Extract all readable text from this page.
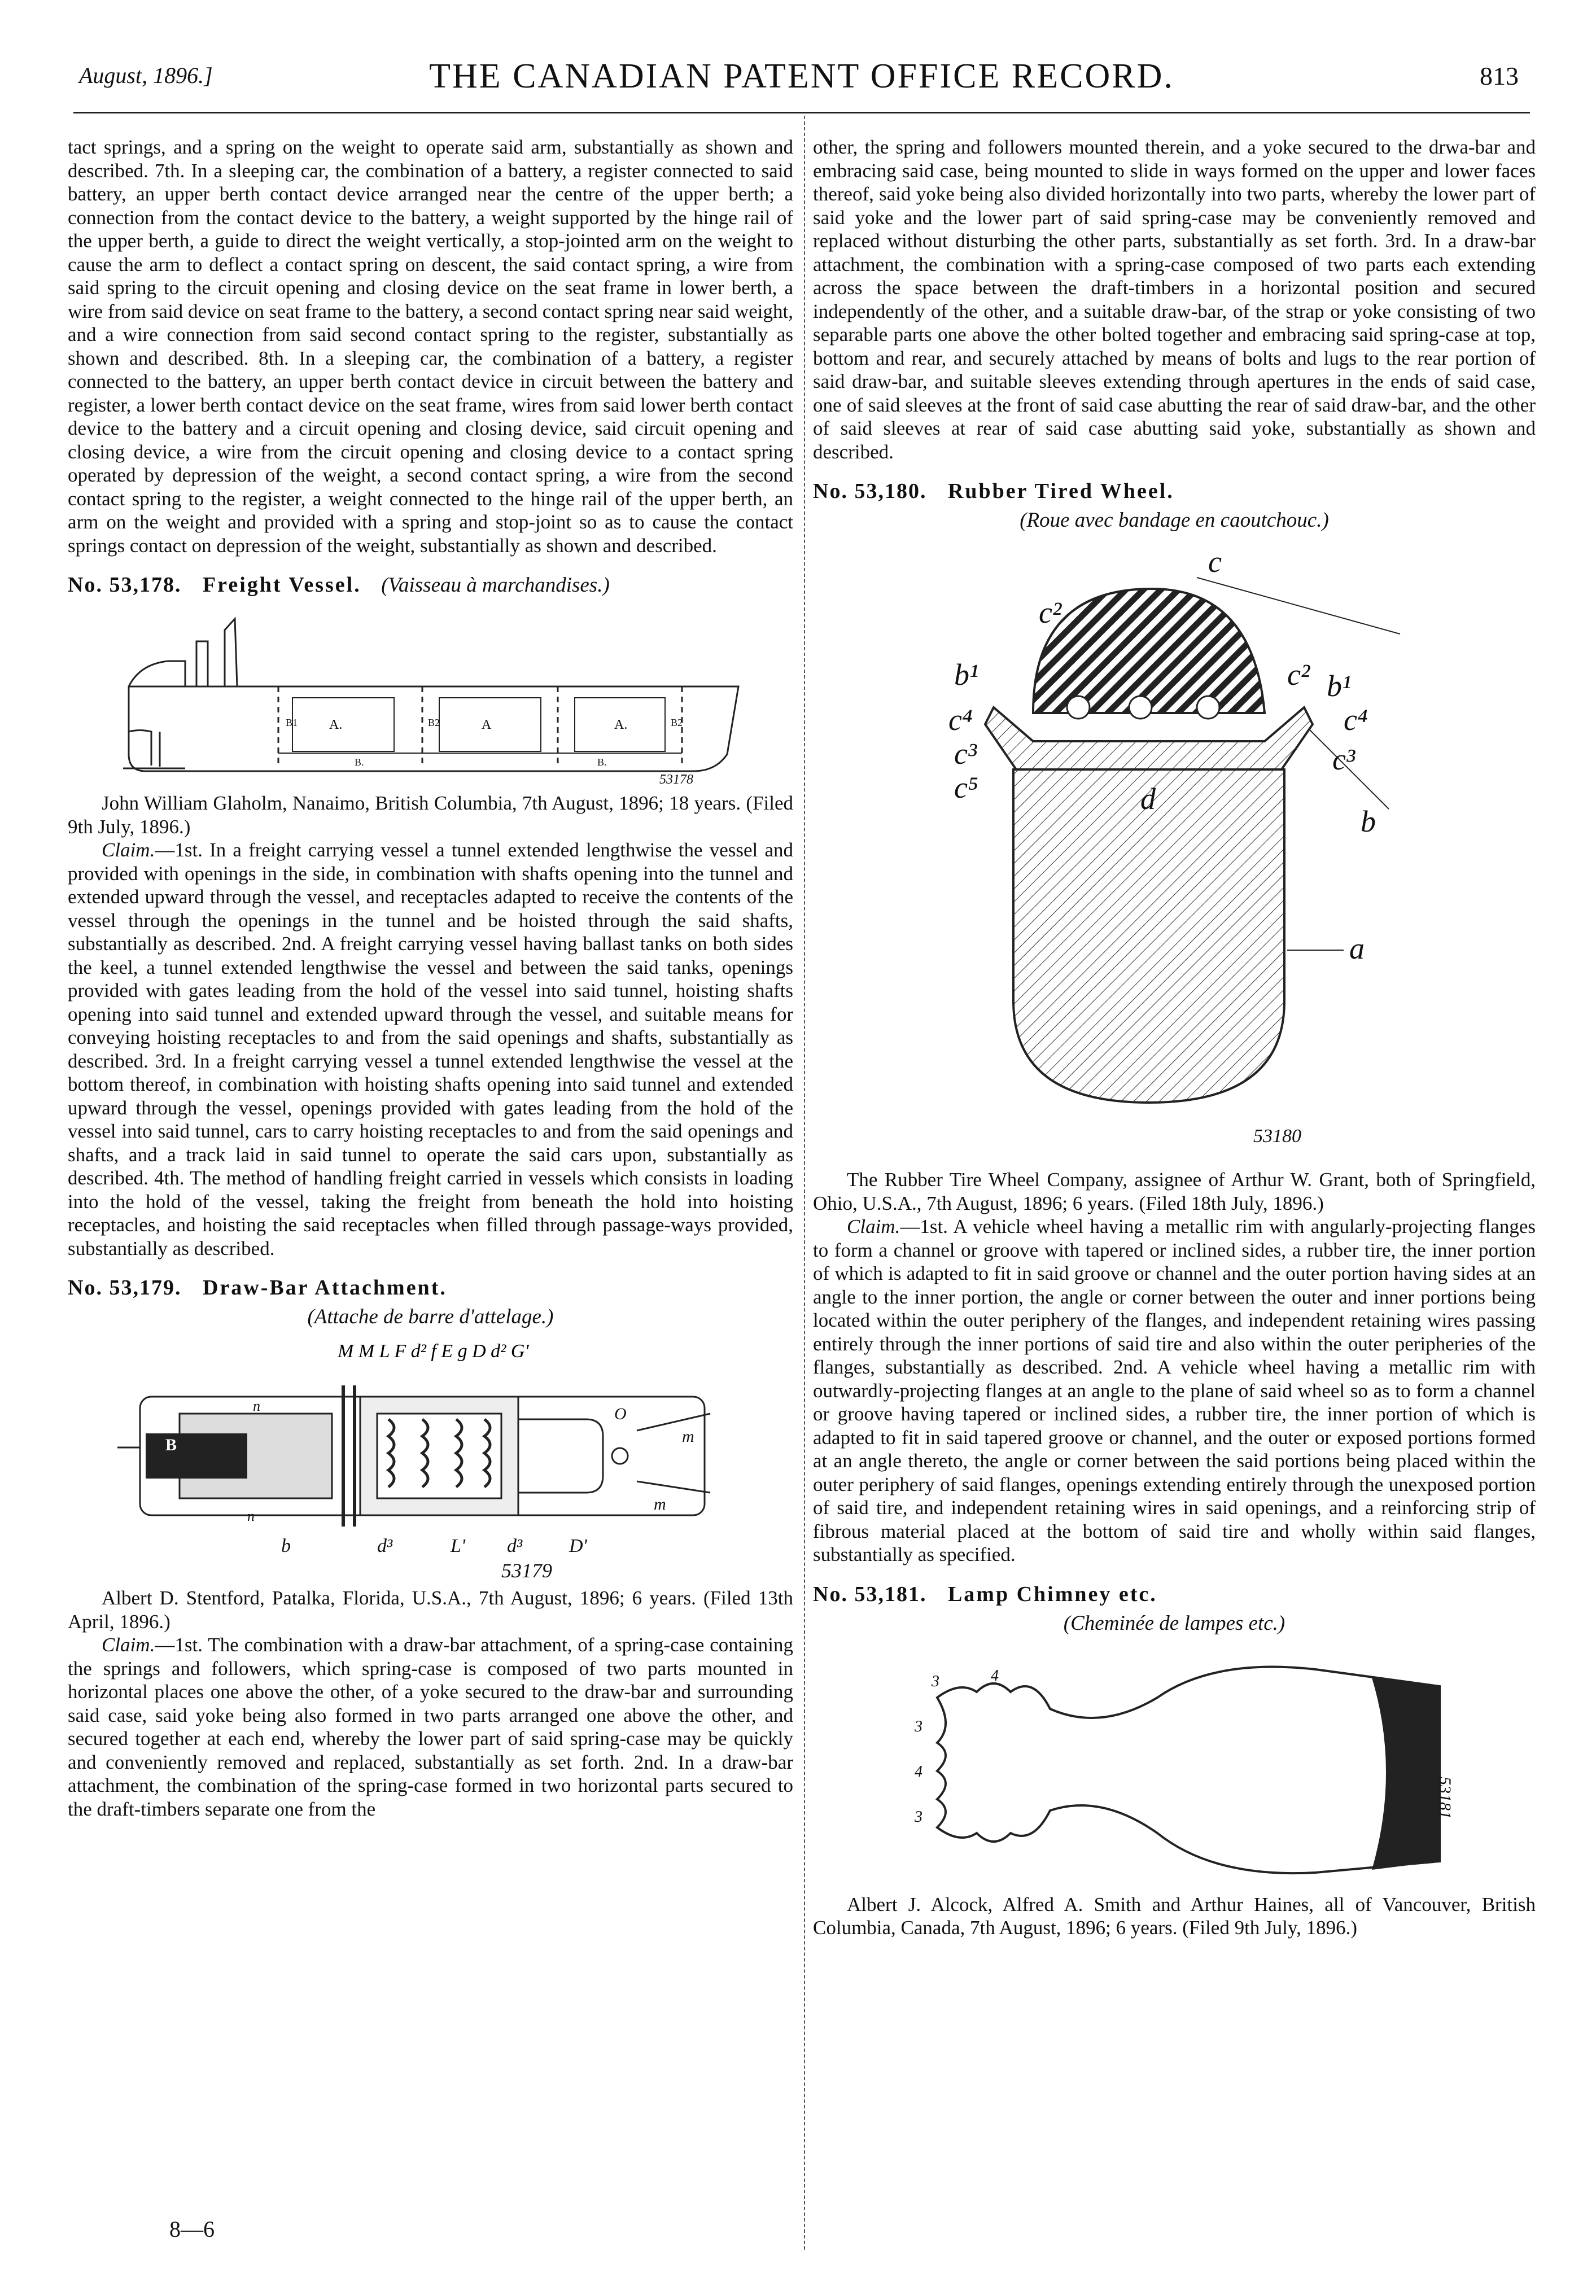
August, 1896.]	THE CANADIAN PATENT OFFICE RECORD.	813

tact springs, and a spring on the weight to operate said arm, substantially as shown and described. 7th. In a sleeping car, the combination of a battery, a register connected to said battery, an upper berth contact device arranged near the centre of the upper berth; a connection from the contact device to the battery, a weight supported by the hinge rail of the upper berth, a guide to direct the weight vertically, a stop-jointed arm on the weight to cause the arm to deflect a contact spring on descent, the said contact spring, a wire from said spring to the circuit opening and closing device on the seat frame in lower berth, a wire from said device on seat frame to the battery, a second contact spring near said weight, and a wire connection from said second contact spring to the register, substantially as shown and described. 8th. In a sleeping car, the combination of a battery, a register connected to the battery, an upper berth contact device in circuit between the battery and register, a lower berth contact device on the seat frame, wires from said lower berth contact device to the battery and a circuit opening and closing device, said circuit opening and closing device, a wire from the circuit opening and closing device to a contact spring operated by depression of the weight, a second contact spring, a wire from the second contact spring to the register, a weight connected to the hinge rail of the upper berth, an arm on the weight and provided with a spring and stop-joint so as to cause the contact springs contact on depression of the weight, substantially as shown and described.

No. 53,178. Freight Vessel. (Vaisseau à marchandises.)
A.	A	A.
B1	B2	B2
B.	B.
53178

John William Glaholm, Nanaimo, British Columbia, 7th August, 1896; 18 years. (Filed 9th July, 1896.)

Claim.—1st. In a freight carrying vessel a tunnel extended lengthwise the vessel and provided with openings in the side, in combination with shafts opening into the tunnel and extended upward through the vessel, and receptacles adapted to receive the contents of the vessel through the openings in the tunnel and be hoisted through the said shafts, substantially as described. 2nd. A freight carrying vessel having ballast tanks on both sides the keel, a tunnel extended lengthwise the vessel and between the said tanks, openings provided with gates leading from the hold of the vessel into said tunnel, hoisting shafts opening into said tunnel and extended upward through the vessel, and suitable means for conveying hoisting receptacles to and from the said openings and shafts, substantially as described. 3rd. In a freight carrying vessel a tunnel extended lengthwise the vessel at the bottom thereof, in combination with hoisting shafts opening into said tunnel and extended upward through the vessel, openings provided with gates leading from the hold of the vessel into said tunnel, cars to carry hoisting receptacles to and from the said openings and shafts, and a track laid in said tunnel to operate the said cars upon, substantially as described. 4th. The method of handling freight carried in vessels which consists in loading into the hold of the vessel, taking the freight from beneath the hold into hoisting receptacles, and hoisting the said receptacles when filled through passage-ways provided, substantially as described.

No. 53,179. Draw-Bar Attachment.
(Attache de barre d'attelage.)
M M L F d² f E g D d² G'
B
n
n
O
m
m
b	d³	L' d³ D'
53179

Albert D. Stentford, Patalka, Florida, U.S.A., 7th August, 1896; 6 years. (Filed 13th April, 1896.)

Claim.—1st. The combination with a draw-bar attachment, of a spring-case containing the springs and followers, which spring-case is composed of two parts mounted in horizontal places one above the other, of a yoke secured to the draw-bar and surrounding said case, said yoke being also formed in two parts arranged one above the other, and secured together at each end, whereby the lower part of said spring-case may be quickly and conveniently removed and replaced, substantially as set forth. 2nd. In a draw-bar attachment, the combination of the spring-case formed in two horizontal parts secured to the draft-timbers separate one from the

8—6

other, the spring and followers mounted therein, and a yoke secured to the drwa-bar and embracing said case, being mounted to slide in ways formed on the upper and lower faces thereof, said yoke being also divided horizontally into two parts, whereby the lower part of said yoke and the lower part of said spring-case may be conveniently removed and replaced without disturbing the other parts, substantially as set forth. 3rd. In a draw-bar attachment, the combination with a spring-case composed of two parts each extending across the space between the draft-timbers in a horizontal position and secured independently of the other, and a suitable draw-bar, of the strap or yoke consisting of two separable parts one above the other bolted together and embracing said spring-case at top, bottom and rear, and securely attached by means of bolts and lugs to the rear portion of said draw-bar, and suitable sleeves extending through apertures in the ends of said case, one of said sleeves at the front of said case abutting the rear of said draw-bar, and the other of said sleeves at rear of said case abutting said yoke, substantially as shown and described.

No. 53,180. Rubber Tired Wheel.
(Roue avec bandage en caoutchouc.)
c
c²
c²
b¹	b¹
c⁴	c⁴
c³	c³
c⁵	d
b
a
53180

The Rubber Tire Wheel Company, assignee of Arthur W. Grant, both of Springfield, Ohio, U.S.A., 7th August, 1896; 6 years. (Filed 18th July, 1896.)

Claim.—1st. A vehicle wheel having a metallic rim with angularly-projecting flanges to form a channel or groove with tapered or inclined sides, a rubber tire, the inner portion of which is adapted to fit in said groove or channel and the outer portion having sides at an angle to the inner portion, the angle or corner between the outer and inner portions being located within the outer periphery of the flanges, and independent retaining wires passing entirely through the inner portions of said tire and also within the outer peripheries of the flanges, substantially as described. 2nd. A vehicle wheel having a metallic rim with outwardly-projecting flanges at an angle to the plane of said wheel so as to form a channel or groove having tapered or inclined sides, a rubber tire, the inner portion of which is adapted to fit in said tapered groove or channel, and the outer or exposed portions formed at an angle thereto, the angle or corner between the said portions being placed within the outer periphery of said flanges, openings extending entirely through the unexposed portion of said tire, and independent retaining wires in said openings, and a reinforcing strip of fibrous material placed at the bottom of said tire and wholly within said flanges, substantially as specified.

No. 53,181. Lamp Chimney etc.
(Cheminée de lampes etc.)
3	4
3
4
3	53181

Albert J. Alcock, Alfred A. Smith and Arthur Haines, all of Vancouver, British Columbia, Canada, 7th August, 1896; 6 years. (Filed 9th July, 1896.)
